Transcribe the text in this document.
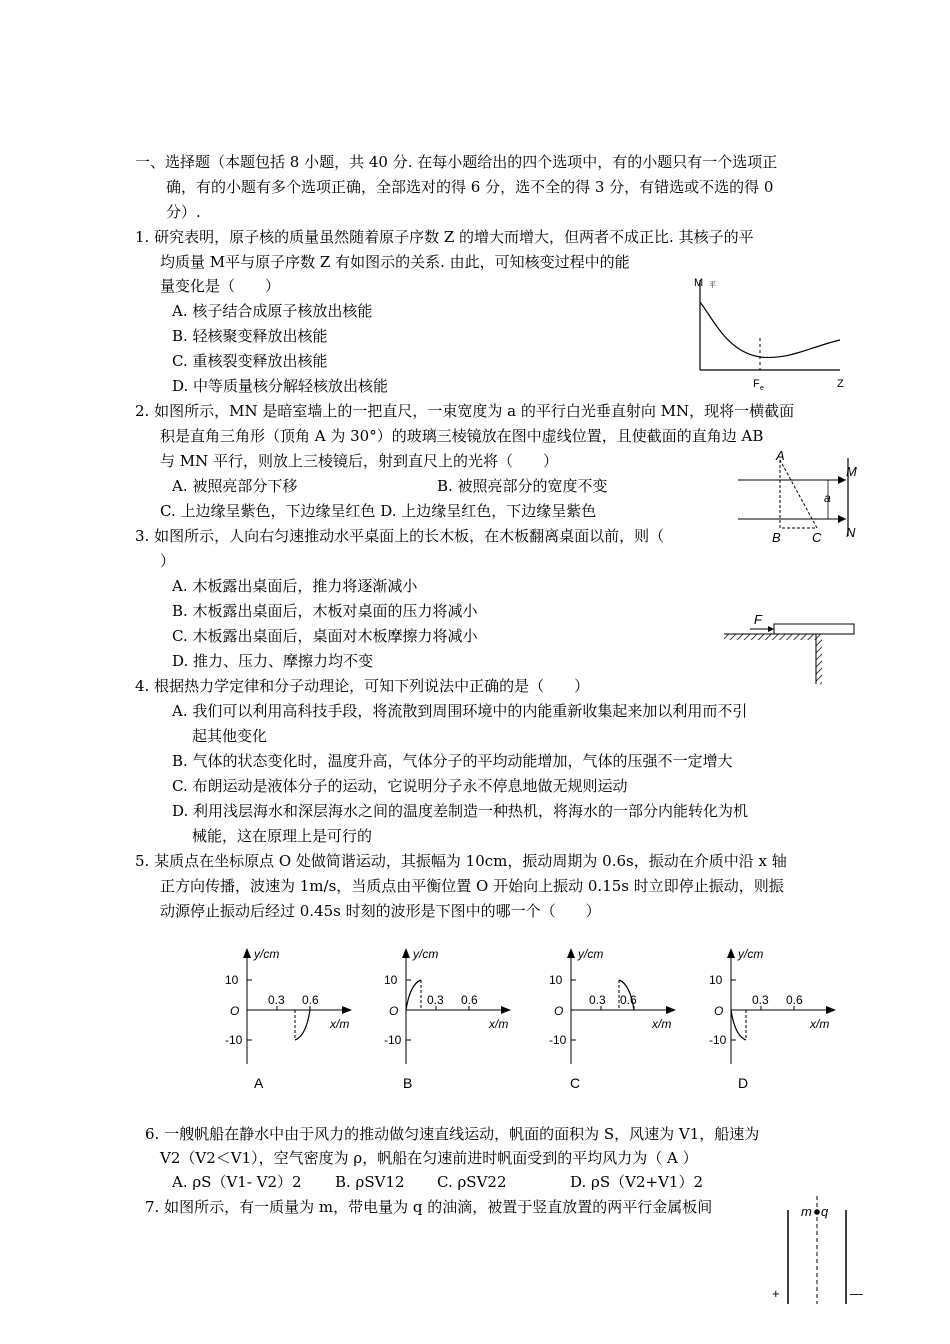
一、选择题（本题包括 8 小题，共 40 分. 在每小题给出的四个选项中，有的小题只有一个选项正
确，有的小题有多个选项正确，全部选对的得 6 分，选不全的得 3 分，有错选或不选的得 0
分）.
1. 研究表明，原子核的质量虽然随着原子序数 Z 的增大而增大，但两者不成正比. 其核子的平
均质量 M平与原子序数 Z 有如图示的关系. 由此，可知核变过程中的能
量变化是（　　）
A. 核子结合成原子核放出核能
B. 轻核聚变释放出核能
C. 重核裂变释放出核能
D. 中等质量核分解轻核放出核能
M 平
F e	Z
2. 如图所示，MN 是暗室墙上的一把直尺，一束宽度为 a 的平行白光垂直射向 MN，现将一横截面
积是直角三角形（顶角 A 为 30°）的玻璃三棱镜放在图中虚线位置，且使截面的直角边 AB
与 MN 平行，则放上三棱镜后，射到直尺上的光将（　　）
A. 被照亮部分下移	B. 被照亮部分的宽度不变
C. 上边缘呈紫色，下边缘呈红色 D. 上边缘呈红色，下边缘呈紫色
A
B C
M
N
a
3. 如图所示，人向右匀速推动水平桌面上的长木板，在木板翻离桌面以前，则（
）
A. 木板露出桌面后，推力将逐渐减小
B. 木板露出桌面后，木板对桌面的压力将减小
C. 木板露出桌面后，桌面对木板摩擦力将减小
D. 推力、压力、摩擦力均不变
F
4. 根据热力学定律和分子动理论，可知下列说法中正确的是（　　）
A. 我们可以利用高科技手段，将流散到周围环境中的内能重新收集起来加以利用而不引
起其他变化
B. 气体的状态变化时，温度升高，气体分子的平均动能增加，气体的压强不一定增大
C. 布朗运动是液体分子的运动，它说明分子永不停息地做无规则运动
D. 利用浅层海水和深层海水之间的温度差制造一种热机，将海水的一部分内能转化为机
械能，这在原理上是可行的
5. 某质点在坐标原点 O 处做简谐运动，其振幅为 10cm，振动周期为 0.6s，振动在介质中沿 x 轴
正方向传播，波速为 1m/s，当质点由平衡位置 O 开始向上振动 0.15s 时立即停止振动，则振
动源停止振动后经过 0.45s 时刻的波形是下图中的哪一个（　　）
y/cm
10
-10
O
0.3 0.6
x/m
A
y/cm
10
-10
O
0.3 0.6
x/m
B
y/cm
10
-10
O
0.3 0.6
x/m
C
y/cm
10
-10
O
0.3 0.6
x/m
D
6. 一艘帆船在静水中由于风力的推动做匀速直线运动，帆面的面积为 S，风速为 V1，船速为
V2（V2＜V1），空气密度为 ρ，帆船在匀速前进时帆面受到的平均风力为（ A ）
A. ρS（V1- V2）2 B. ρSV12 C. ρSV22	D. ρS（V2+V1）2
7. 如图所示，有一质量为 m，带电量为 q 的油滴，被置于竖直放置的两平行金属板间	m q
+	—
